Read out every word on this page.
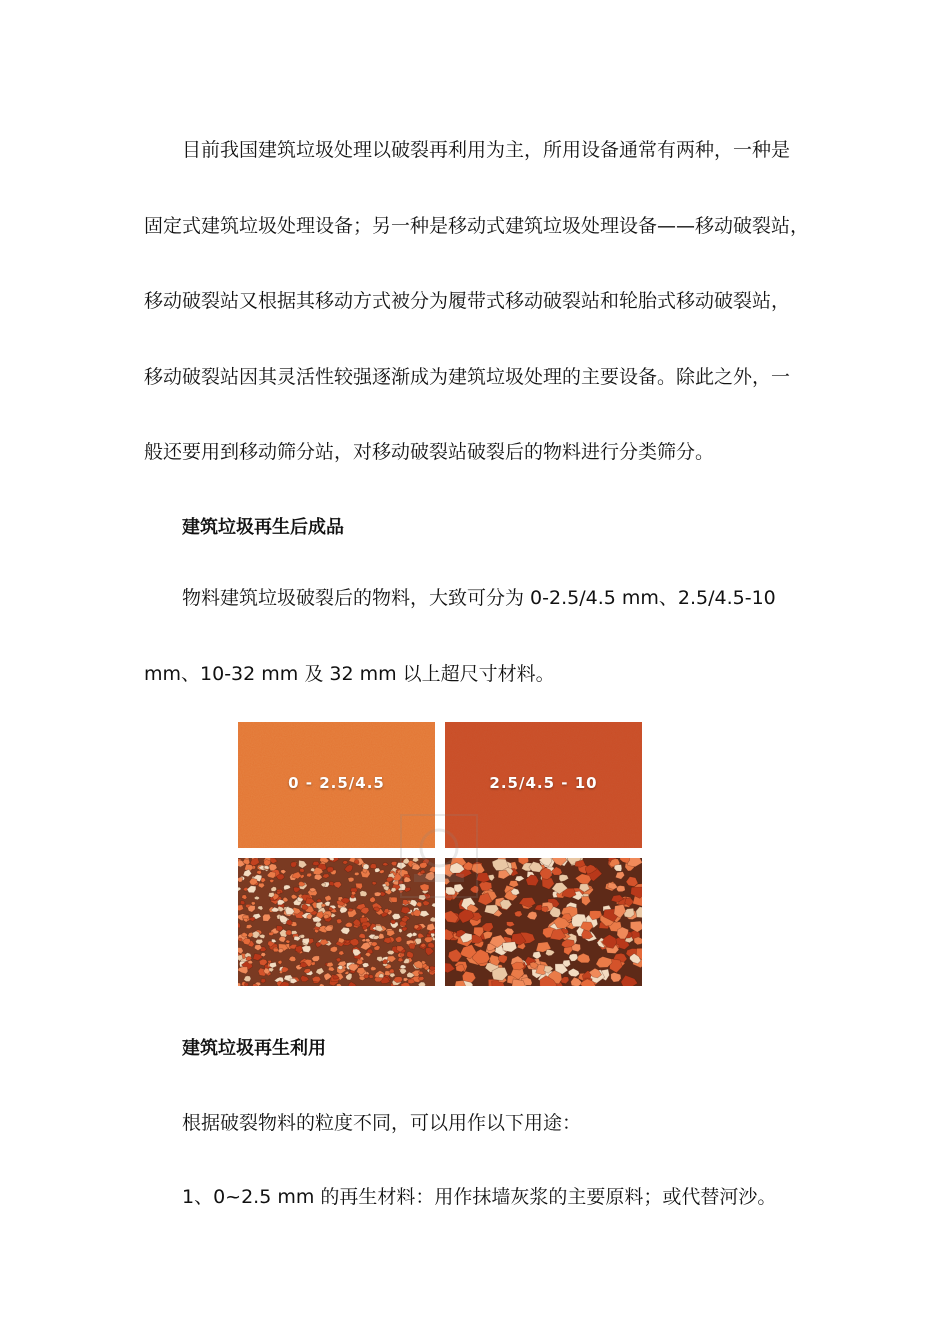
目前我国建筑垃圾处理以破裂再利用为主，所用设备通常有两种，一种是
固定式建筑垃圾处理设备；另一种是移动式建筑垃圾处理设备——移动破裂站，
移动破裂站又根据其移动方式被分为履带式移动破裂站和轮胎式移动破裂站，
移动破裂站因其灵活性较强逐渐成为建筑垃圾处理的主要设备。除此之外，一
般还要用到移动筛分站，对移动破裂站破裂后的物料进行分类筛分。

建筑垃圾再生后成品

物料建筑垃圾破裂后的物料，大致可分为 0-2.5/4.5 mm、2.5/4.5-10
mm、10-32 mm 及 32 mm 以上超尺寸材料。
0 - 2.5/4.5	2.5/4.5 - 10

建筑垃圾再生利用

根据破裂物料的粒度不同，可以用作以下用途：

1、0~2.5 mm 的再生材料：用作抹墙灰浆的主要原料；或代替河沙。
